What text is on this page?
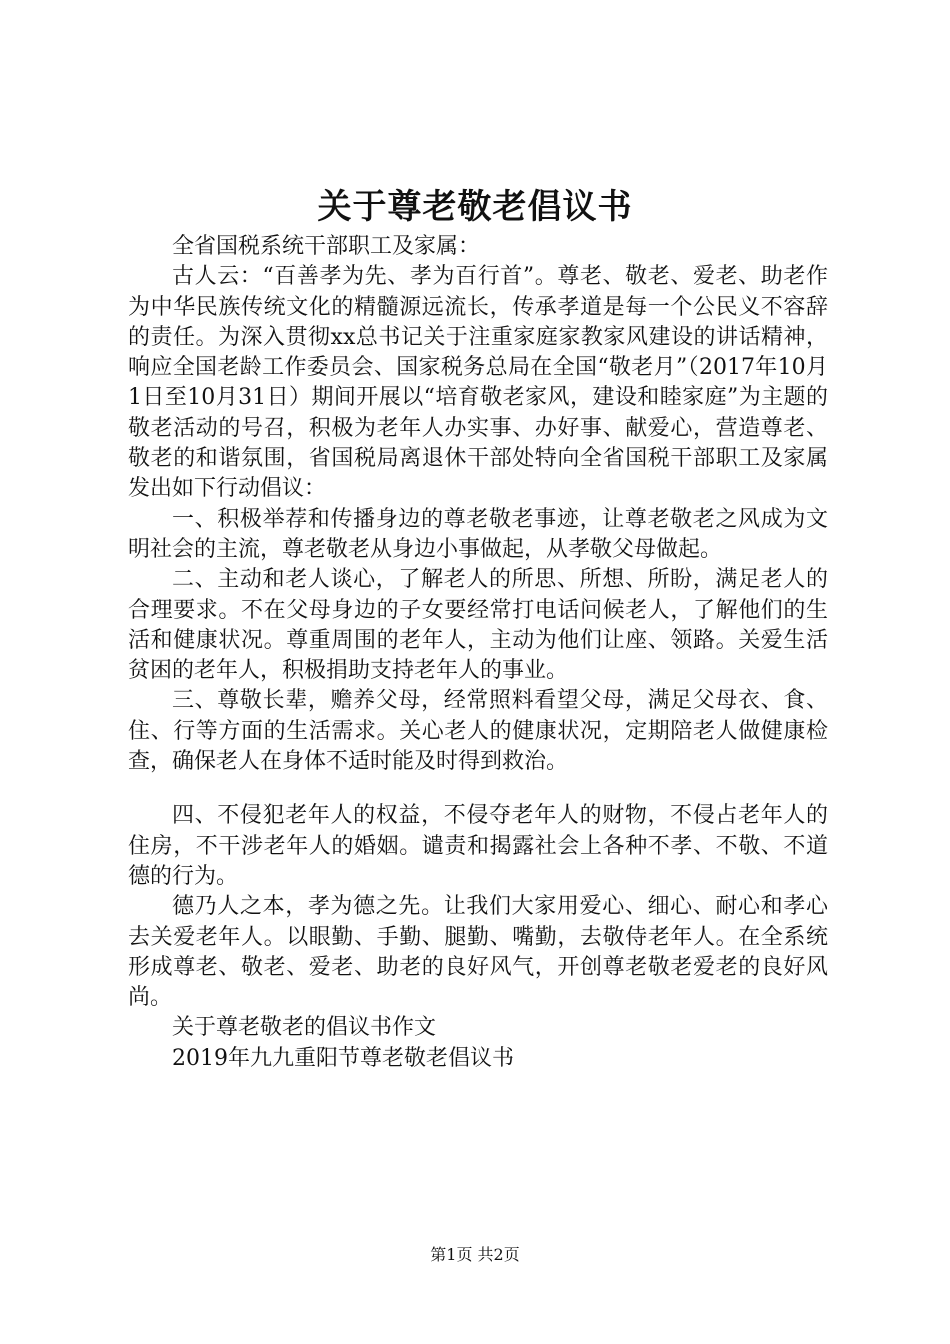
关于尊老敬老倡议书

全省国税系统干部职工及家属：

古人云：“百善孝为先、孝为百行首”。尊老、敬老、爱老、助老作为中华民族传统文化的精髓源远流长，传承孝道是每一个公民义不容辞的责任。为深入贯彻xx总书记关于注重家庭家教家风建设的讲话精神，响应全国老龄工作委员会、国家税务总局在全国“敬老月”（2017年10月1日至10月31日）期间开展以“培育敬老家风，建设和睦家庭”为主题的敬老活动的号召，积极为老年人办实事、办好事、献爱心，营造尊老、敬老的和谐氛围，省国税局离退休干部处特向全省国税干部职工及家属发出如下行动倡议：

一、积极举荐和传播身边的尊老敬老事迹，让尊老敬老之风成为文明社会的主流，尊老敬老从身边小事做起，从孝敬父母做起。

二、主动和老人谈心，了解老人的所思、所想、所盼，满足老人的合理要求。不在父母身边的子女要经常打电话问候老人，了解他们的生活和健康状况。尊重周围的老年人，主动为他们让座、领路。关爱生活贫困的老年人，积极捐助支持老年人的事业。

三、尊敬长辈，赡养父母，经常照料看望父母，满足父母衣、食、住、行等方面的生活需求。关心老人的健康状况，定期陪老人做健康检查，确保老人在身体不适时能及时得到救治。

四、不侵犯老年人的权益，不侵夺老年人的财物，不侵占老年人的住房，不干涉老年人的婚姻。谴责和揭露社会上各种不孝、不敬、不道德的行为。

德乃人之本，孝为德之先。让我们大家用爱心、细心、耐心和孝心去关爱老年人。以眼勤、手勤、腿勤、嘴勤，去敬侍老年人。在全系统形成尊老、敬老、爱老、助老的良好风气，开创尊老敬老爱老的良好风尚。

关于尊老敬老的倡议书作文

2019年九九重阳节尊老敬老倡议书

第1页 共2页
